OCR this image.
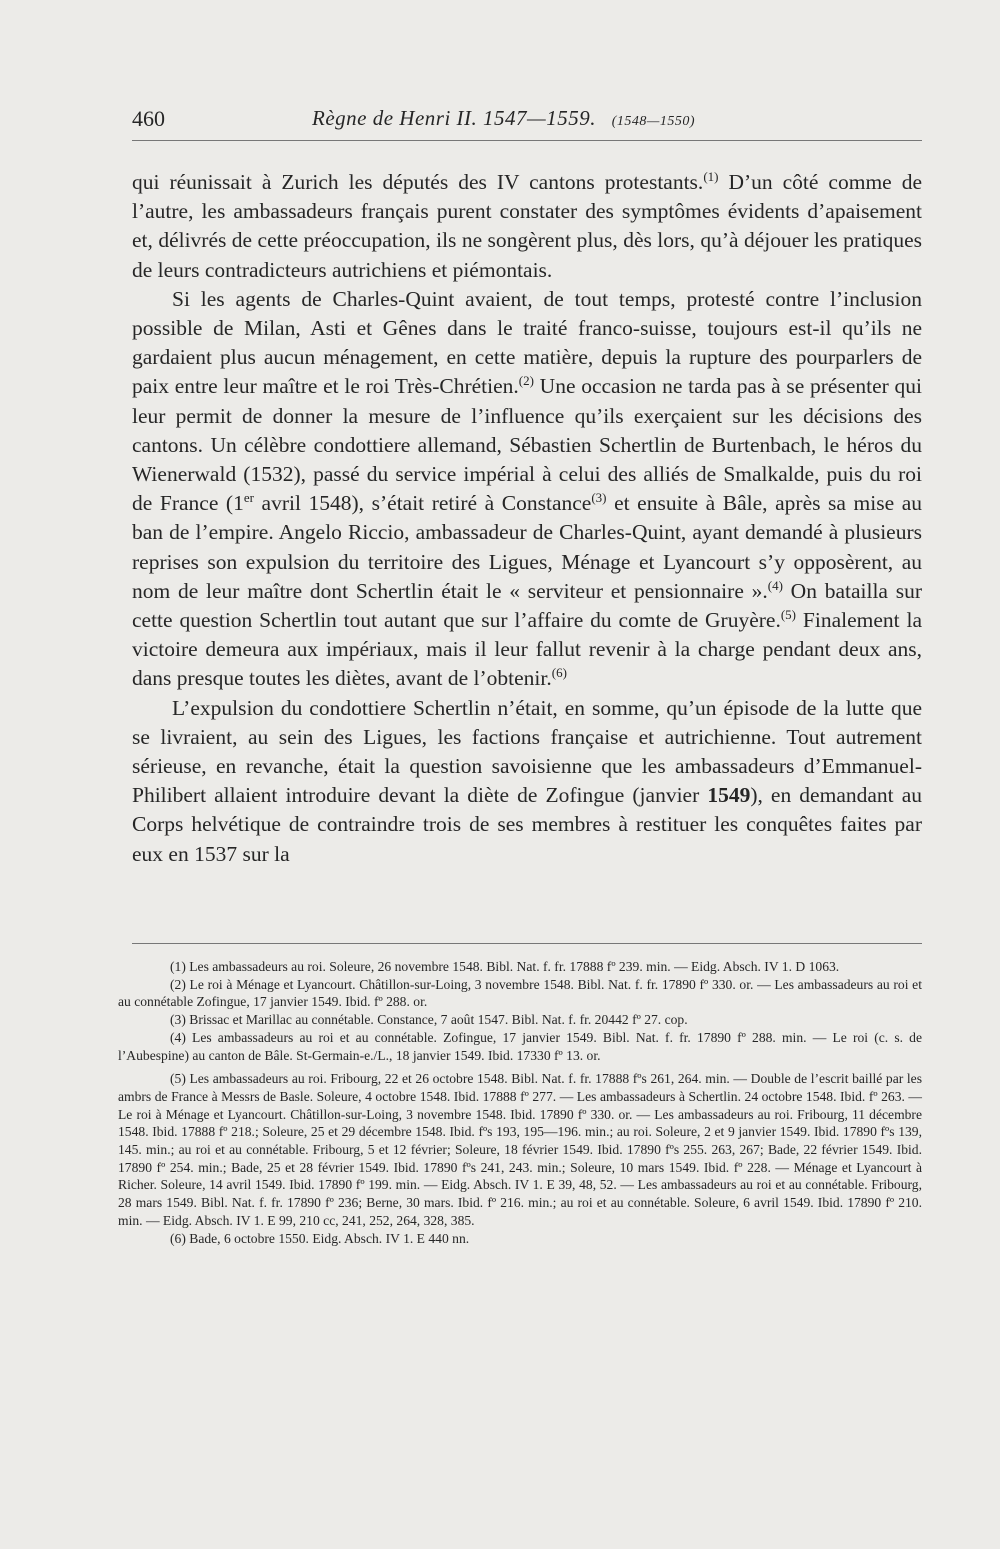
460	Règne de Henri II. 1547—1559. (1548—1550)

qui réunissait à Zurich les députés des IV cantons protestants.$^{(1)}$ D’un côté comme de l’autre, les ambassadeurs français purent constater des symptômes évidents d’apaisement et, délivrés de cette préoccupation, ils ne songèrent plus, dès lors, qu’à déjouer les pratiques de leurs contradicteurs autrichiens et piémontais.

Si les agents de Charles-Quint avaient, de tout temps, protesté contre l’inclusion possible de Milan, Asti et Gênes dans le traité franco-suisse, toujours est-il qu’ils ne gardaient plus aucun ménagement, en cette matière, depuis la rupture des pourparlers de paix entre leur maître et le roi Très-Chrétien.$^{(2)}$ Une occasion ne tarda pas à se présenter qui leur permit de donner la mesure de l’influence qu’ils exerçaient sur les décisions des cantons. Un célèbre condottiere allemand, Sébastien Schertlin de Burtenbach, le héros du Wienerwald (1532), passé du service impérial à celui des alliés de Smalkalde, puis du roi de France (1er avril 1548), s’était retiré à Constance$^{(3)}$ et ensuite à Bâle, après sa mise au ban de l’empire. Angelo Riccio, ambassadeur de Charles-Quint, ayant demandé à plusieurs reprises son expulsion du territoire des Ligues, Ménage et Lyancourt s’y opposèrent, au nom de leur maître dont Schertlin était le « serviteur et pensionnaire ».$^{(4)}$ On batailla sur cette question Schertlin tout autant que sur l’affaire du comte de Gruyère.$^{(5)}$ Finalement la victoire demeura aux impériaux, mais il leur fallut revenir à la charge pendant deux ans, dans presque toutes les diètes, avant de l’obtenir.$^{(6)}$

L’expulsion du condottiere Schertlin n’était, en somme, qu’un épisode de la lutte que se livraient, au sein des Ligues, les factions française et autrichienne. Tout autrement sérieuse, en revanche, était la question savoisienne que les ambassadeurs d’Emmanuel-Philibert allaient introduire devant la diète de Zofingue (janvier 1549), en demandant au Corps helvétique de contraindre trois de ses membres à restituer les conquêtes faites par eux en 1537 sur la

(1) Les ambassadeurs au roi. Soleure, 26 novembre 1548. Bibl. Nat. f. fr. 17888 fº 239. min. — Eidg. Absch. IV 1. D 1063.

(2) Le roi à Ménage et Lyancourt. Châtillon-sur-Loing, 3 novembre 1548. Bibl. Nat. f. fr. 17890 fº 330. or. — Les ambassadeurs au roi et au connétable Zofingue, 17 janvier 1549. Ibid. fº 288. or.

(3) Brissac et Marillac au connétable. Constance, 7 août 1547. Bibl. Nat. f. fr. 20442 fº 27. cop.

(4) Les ambassadeurs au roi et au connétable. Zofingue, 17 janvier 1549. Bibl. Nat. f. fr. 17890 fº 288. min. — Le roi (c. s. de l’Aubespine) au canton de Bâle. St-Germain-e./L., 18 janvier 1549. Ibid. 17330 fº 13. or.

(5) Les ambassadeurs au roi. Fribourg, 22 et 26 octobre 1548. Bibl. Nat. f. fr. 17888 fºs 261, 264. min. — Double de l’escrit baillé par les ambrs de France à Messrs de Basle. Soleure, 4 octobre 1548. Ibid. 17888 fº 277. — Les ambassadeurs à Schertlin. 24 octobre 1548. Ibid. fº 263. — Le roi à Ménage et Lyancourt. Châtillon-sur-Loing, 3 novembre 1548. Ibid. 17890 fº 330. or. — Les ambassadeurs au roi. Fribourg, 11 décembre 1548. Ibid. 17888 fº 218.; Soleure, 25 et 29 décembre 1548. Ibid. fºs 193, 195—196. min.; au roi. Soleure, 2 et 9 janvier 1549. Ibid. 17890 fºs 139, 145. min.; au roi et au connétable. Fribourg, 5 et 12 février; Soleure, 18 février 1549. Ibid. 17890 fºs 255. 263, 267; Bade, 22 février 1549. Ibid. 17890 fº 254. min.; Bade, 25 et 28 février 1549. Ibid. 17890 fºs 241, 243. min.; Soleure, 10 mars 1549. Ibid. fº 228. — Ménage et Lyancourt à Richer. Soleure, 14 avril 1549. Ibid. 17890 fº 199. min. — Eidg. Absch. IV 1. E 39, 48, 52. — Les ambassadeurs au roi et au connétable. Fribourg, 28 mars 1549. Bibl. Nat. f. fr. 17890 fº 236; Berne, 30 mars. Ibid. fº 216. min.; au roi et au connétable. Soleure, 6 avril 1549. Ibid. 17890 fº 210. min. — Eidg. Absch. IV 1. E 99, 210 cc, 241, 252, 264, 328, 385.

(6) Bade, 6 octobre 1550. Eidg. Absch. IV 1. E 440 nn.
